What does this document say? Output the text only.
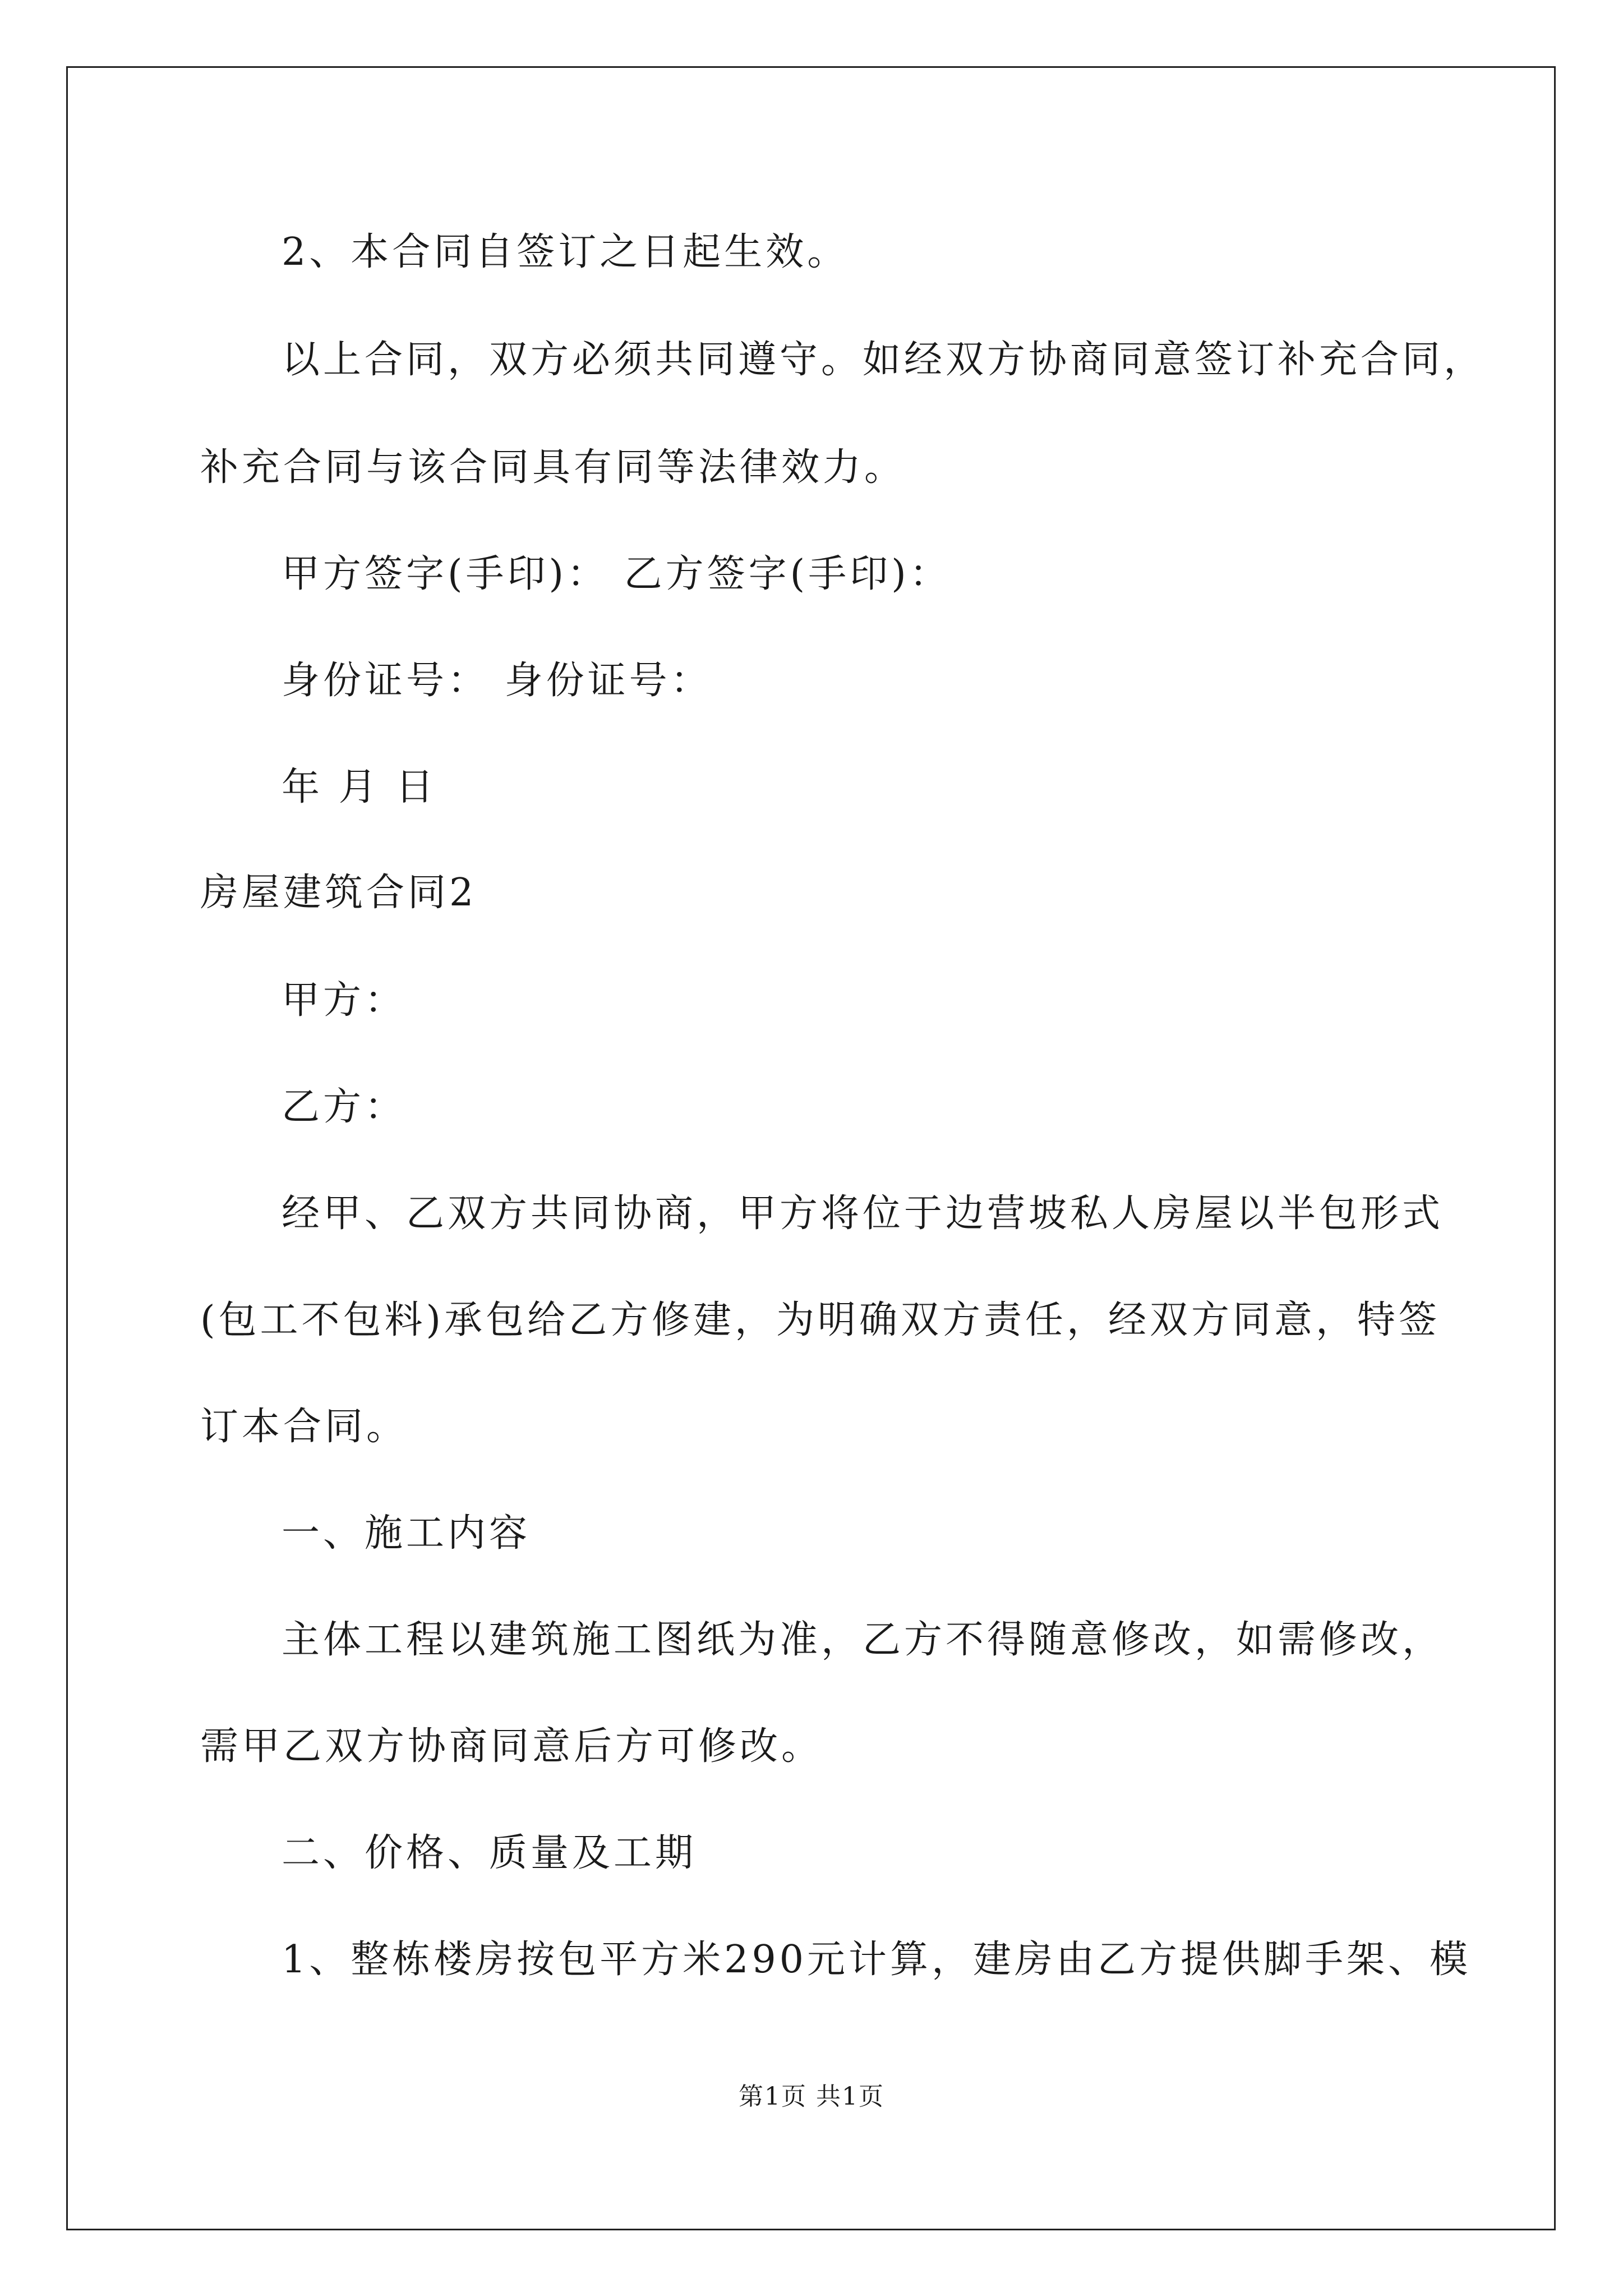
2、本合同自签订之日起生效。
以上合同，双方必须共同遵守。如经双方协商同意签订补充合同，
补充合同与该合同具有同等法律效力。
甲方签字(手印)： 乙方签字(手印)：
身份证号： 身份证号：
年 月 日
房屋建筑合同2
甲方：
乙方：
经甲、乙双方共同协商，甲方将位于边营坡私人房屋以半包形式
(包工不包料)承包给乙方修建，为明确双方责任，经双方同意，特签
订本合同。
一、施工内容
主体工程以建筑施工图纸为准，乙方不得随意修改，如需修改，
需甲乙双方协商同意后方可修改。
二、价格、质量及工期
1、整栋楼房按包平方米290元计算，建房由乙方提供脚手架、模
第1页 共1页
